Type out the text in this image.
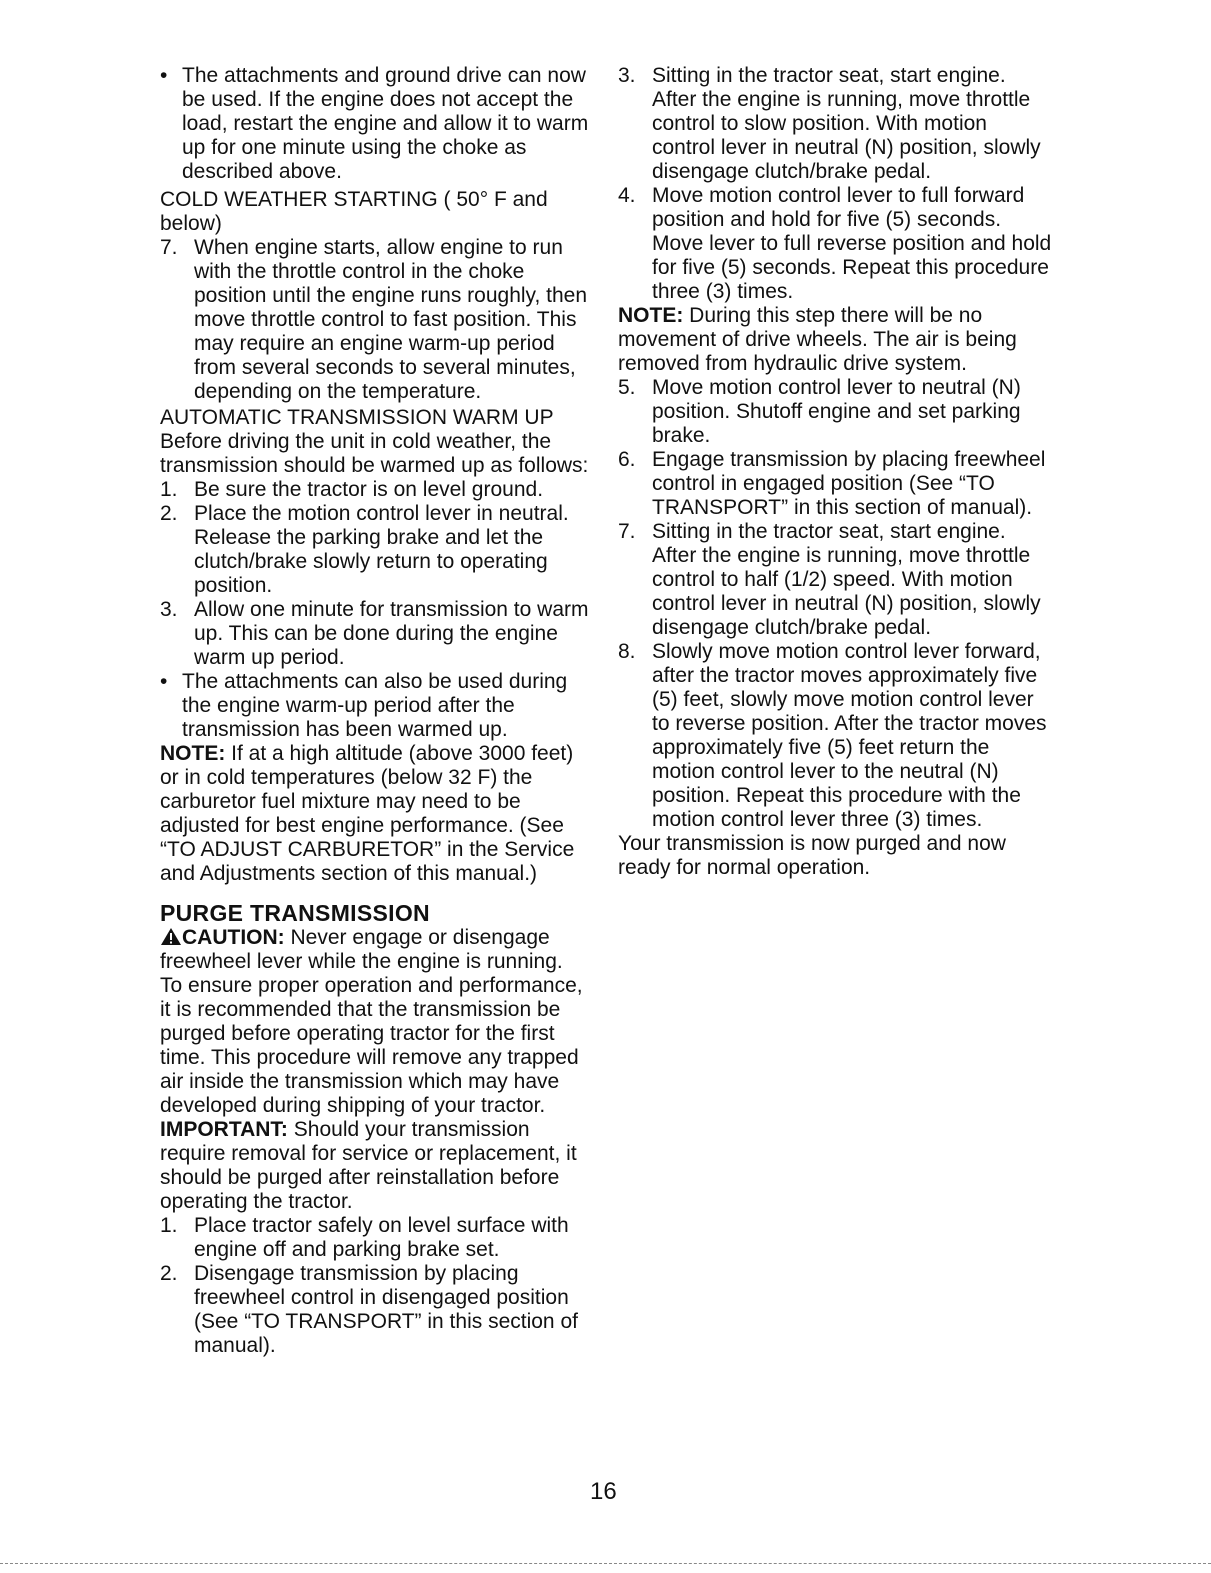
• The attachments and ground drive can now be used. If the engine does not accept the load, restart the engine and allow it to warm up for one minute using the choke as described above.

COLD WEATHER STARTING ( 50° F and below)

7. When engine starts, allow engine to run with the throttle control in the choke position until the engine runs roughly, then move throttle control to fast position. This may require an engine warm-up period from several seconds to several minutes, depending on the temperature.

AUTOMATIC TRANSMISSION WARM UP

Before driving the unit in cold weather, the transmission should be warmed up as follows:

1. Be sure the tractor is on level ground.

2. Place the motion control lever in neutral. Release the parking brake and let the clutch/brake slowly return to operating position.

3. Allow one minute for transmission to warm up. This can be done during the engine warm up period.

• The attachments can also be used during the engine warm-up period after the transmission has been warmed up.

NOTE: If at a high altitude (above 3000 feet) or in cold temperatures (below 32 F) the carburetor fuel mixture may need to be adjusted for best engine performance. (See “TO ADJUST CARBURETOR” in the Service and Adjustments section of this manual.)

PURGE TRANSMISSION

CAUTION: Never engage or disengage freewheel lever while the engine is running.

To ensure proper operation and performance, it is recommended that the transmission be purged before operating tractor for the first time. This procedure will remove any trapped air inside the transmission which may have developed during shipping of your tractor.

IMPORTANT: Should your transmission require removal for service or replacement, it should be purged after reinstallation before operating the tractor.

1. Place tractor safely on level surface with engine off and parking brake set.

2. Disengage transmission by placing freewheel control in disengaged position (See “TO TRANSPORT” in this section of manual).

3. Sitting in the tractor seat, start engine. After the engine is running, move throttle control to slow position. With motion control lever in neutral (N) position, slowly disengage clutch/brake pedal.

4. Move motion control lever to full forward position and hold for five (5) seconds. Move lever to full reverse position and hold for five (5) seconds. Repeat this procedure three (3) times.

NOTE: During this step there will be no movement of drive wheels. The air is being removed from hydraulic drive system.

5. Move motion control lever to neutral (N) position. Shutoff engine and set parking brake.

6. Engage transmission by placing freewheel control in engaged position (See “TO TRANSPORT” in this section of manual).

7. Sitting in the tractor seat, start engine. After the engine is running, move throttle control to half (1/2) speed. With motion control lever in neutral (N) position, slowly disengage clutch/brake pedal.

8. Slowly move motion control lever forward, after the tractor moves approximately five (5) feet, slowly move motion control lever to reverse position. After the tractor moves approximately five (5) feet return the motion control lever to the neutral (N) position. Repeat this procedure with the motion control lever three (3) times.

Your transmission is now purged and now ready for normal operation.

16
